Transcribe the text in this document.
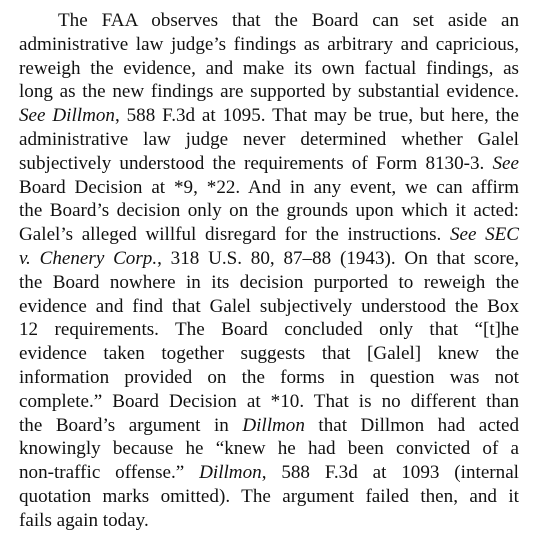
The FAA observes that the Board can set aside an
administrative law judge’s findings as arbitrary and capricious,
reweigh the evidence, and make its own factual findings, as
long as the new findings are supported by substantial evidence.
See Dillmon, 588 F.3d at 1095. That may be true, but here, the
administrative law judge never determined whether Galel
subjectively understood the requirements of Form 8130-3. See
Board Decision at *9, *22. And in any event, we can affirm
the Board’s decision only on the grounds upon which it acted:
Galel’s alleged willful disregard for the instructions. See SEC
v. Chenery Corp., 318 U.S. 80, 87–88 (1943). On that score,
the Board nowhere in its decision purported to reweigh the
evidence and find that Galel subjectively understood the Box
12 requirements. The Board concluded only that “[t]he
evidence taken together suggests that [Galel] knew the
information provided on the forms in question was not
complete.” Board Decision at *10. That is no different than
the Board’s argument in Dillmon that Dillmon had acted
knowingly because he “knew he had been convicted of a
non-traffic offense.” Dillmon, 588 F.3d at 1093 (internal
quotation marks omitted). The argument failed then, and it
fails again today.
